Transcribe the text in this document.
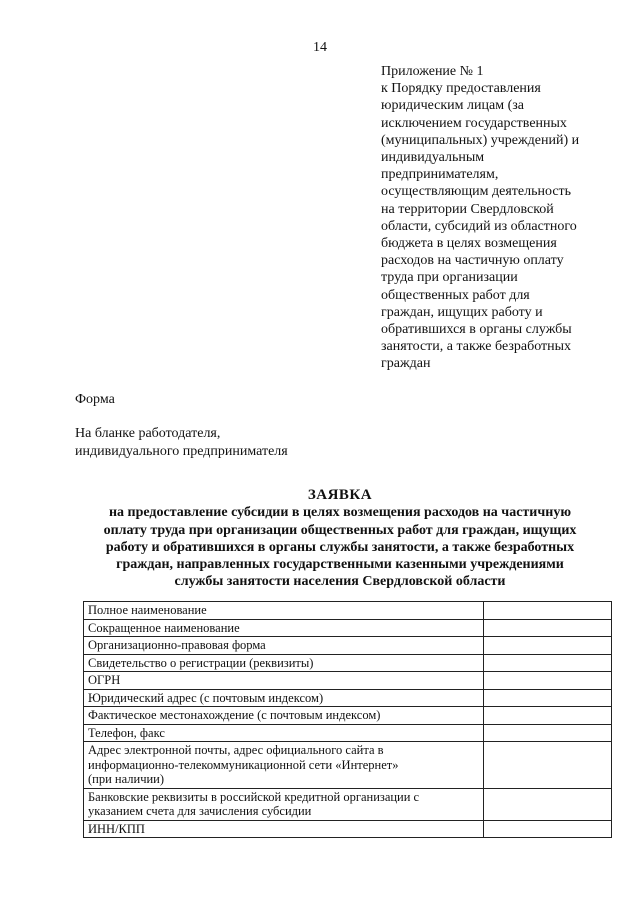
14
Приложение № 1
к Порядку предоставления
юридическим лицам (за
исключением государственных
(муниципальных) учреждений) и
индивидуальным
предпринимателям,
осуществляющим деятельность
на территории Свердловской
области, субсидий из областного
бюджета в целях возмещения
расходов на частичную оплату
труда при организации
общественных работ для
граждан, ищущих работу и
обратившихся в органы службы
занятости, а также безработных
граждан
Форма
На бланке работодателя,
индивидуального предпринимателя
ЗАЯВКА
на предоставление субсидии в целях возмещения расходов на частичную
оплату труда при организации общественных работ для граждан, ищущих
работу и обратившихся в органы службы занятости, а также безработных
граждан, направленных государственными казенными учреждениями
службы занятости населения Свердловской области
Полное наименование	
Сокращенное наименование	
Организационно-правовая форма	
Свидетельство о регистрации (реквизиты)	
ОГРН	
Юридический адрес (с почтовым индексом)	
Фактическое местонахождение (с почтовым индексом)	
Телефон, факс	

Адрес электронной почты, адрес официального сайта в
информационно-телекоммуникационной сети «Интернет»
(при наличии)	

Банковские реквизиты в российской кредитной организации с
указанием счета для зачисления субсидии	

ИНН/КПП	
